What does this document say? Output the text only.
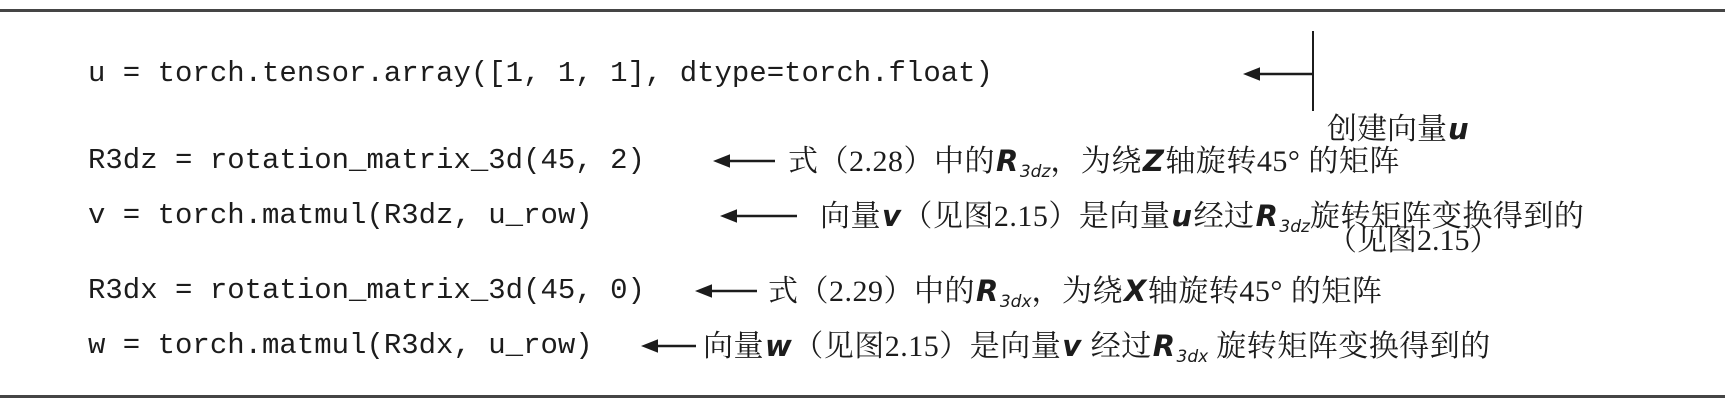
u = torch.tensor.array([1, 1, 1], dtype=torch.float)
R3dz = rotation_matrix_3d(45, 2)
v = torch.matmul(R3dz, u_row)
R3dx = rotation_matrix_3d(45, 0)
w = torch.matmul(R3dx, u_row)

创建向量u

（见图2.15）

式（2.28）中的$R_{3dz}$，为绕Z轴旋转45° 的矩阵
向量v（见图2.15）是向量u经过$R_{3dz}$旋转矩阵变换得到的
式（2.29）中的$R_{3dx}$，为绕X轴旋转45° 的矩阵
向量w（见图2.15）是向量v 经过$R_{3dx}$ 旋转矩阵变换得到的
